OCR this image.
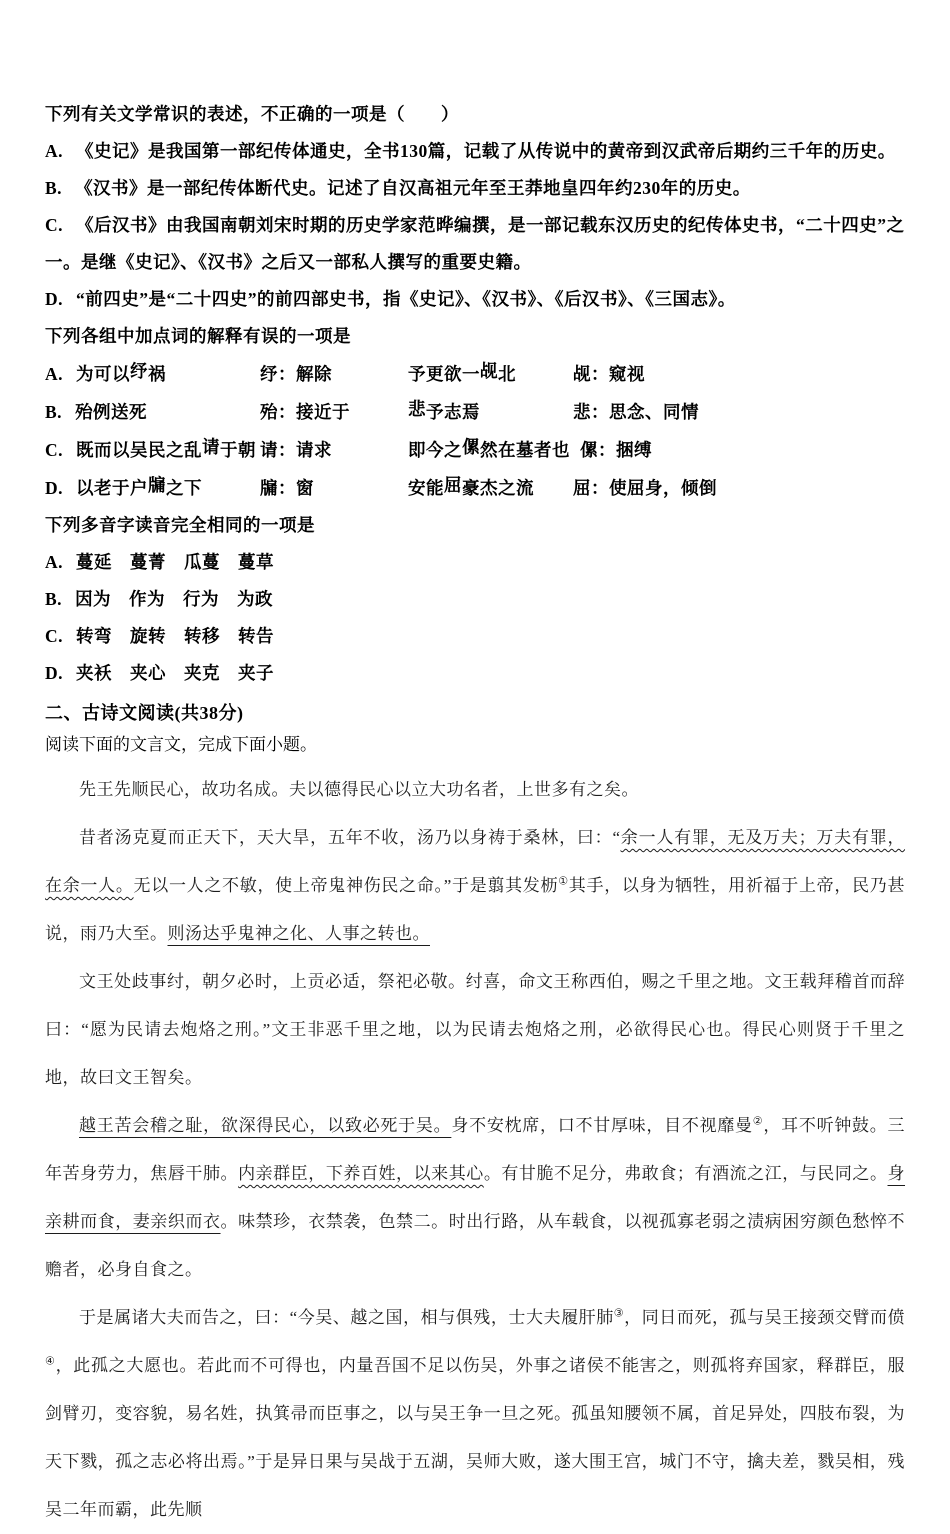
下列有关文学常识的表述，不正确的一项是（　　）
A. 《史记》是我国第一部纪传体通史，全书130篇，记载了从传说中的黄帝到汉武帝后期约三千年的历史。
B. 《汉书》是一部纪传体断代史。记述了自汉高祖元年至王莽地皇四年约230年的历史。
C. 《后汉书》由我国南朝刘宋时期的历史学家范晔编撰，是一部记载东汉历史的纪传体史书，“二十四史”之一。是继《史记》、《汉书》之后又一部私人撰写的重要史籍。
D. “前四史”是“二十四史”的前四部史书，指《史记》、《汉书》、《后汉书》、《三国志》。
下列各组中加点词的解释有误的一项是
A. 为可以纾祸	纾：解除	予更欲一觇北	觇：窥视
B. 殆例送死	殆：接近于	悲予志焉	悲：思念、同情
C. 既而以吴民之乱请于朝 请：请求	即今之傫然在墓者也 傫：捆缚
D. 以老于户牖之下	牖：窗	安能屈豪杰之流	屈：使屈身，倾倒
下列多音字读音完全相同的一项是
A. 蔓延　蔓菁　瓜蔓　蔓草
B. 因为　作为　行为　为政
C. 转弯　旋转　转移　转告
D. 夹袄　夹心　夹克　夹子
二、古诗文阅读(共38分)
阅读下面的文言文，完成下面小题。

先王先顺民心，故功名成。夫以德得民心以立大功名者，上世多有之矣。

昔者汤克夏而正天下，天大旱，五年不收，汤乃以身祷于桑林，曰：“余一人有罪，无及万夫；万夫有罪，在余一人。无以一人之不敏，使上帝鬼神伤民之命。”于是翦其发枥①其手，以身为牺牲，用祈福于上帝，民乃甚说，雨乃大至。则汤达乎鬼神之化、人事之转也。

文王处歧事纣，朝夕必时，上贡必适，祭祀必敬。纣喜，命文王称西伯，赐之千里之地。文王载拜稽首而辞曰：“愿为民请去炮烙之刑。”文王非恶千里之地，以为民请去炮烙之刑，必欲得民心也。得民心则贤于千里之地，故曰文王智矣。

越王苦会稽之耻，欲深得民心，以致必死于吴。身不安枕席，口不甘厚味，目不视靡曼②，耳不听钟鼓。三年苦身劳力，焦唇干肺。内亲群臣，下养百姓，以来其心。有甘脆不足分，弗敢食；有酒流之江，与民同之。身亲耕而食，妻亲织而衣。味禁珍，衣禁袭，色禁二。时出行路，从车载食，以视孤寡老弱之渍病困穷颜色愁悴不赡者，必身自食之。

于是属诸大夫而告之，曰：“今吴、越之国，相与俱残，士大夫履肝肺③，同日而死，孤与吴王接颈交臂而偾④，此孤之大愿也。若此而不可得也，内量吾国不足以伤吴，外事之诸侯不能害之，则孤将弃国家，释群臣，服剑臂刃，变容貌，易名姓，执箕帚而臣事之，以与吴王争一旦之死。孤虽知腰领不属，首足异处，四肢布裂，为天下戮，孤之志必将出焉。”于是异日果与吴战于五湖，吴师大败，遂大围王宫，城门不守，擒夫差，戮吴相，残吴二年而霸，此先顺
